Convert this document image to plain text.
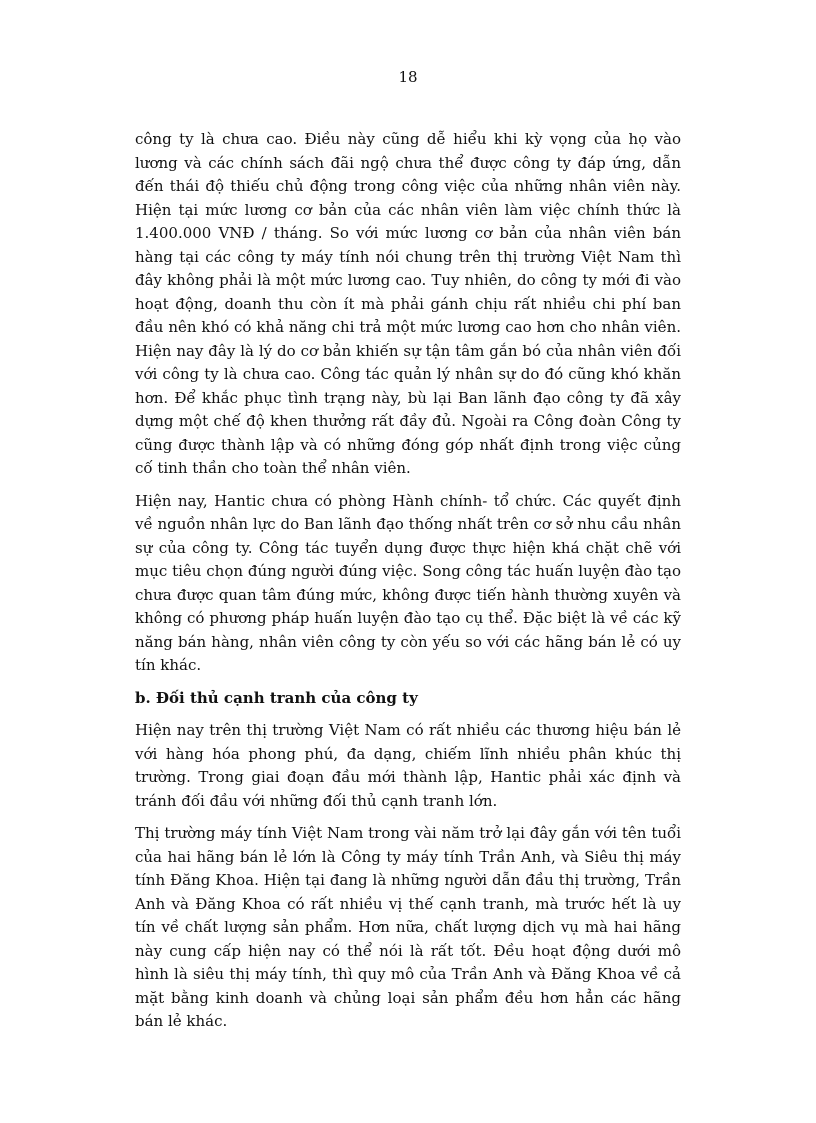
18

công ty là chưa cao. Điều này cũng dễ hiểu khi kỳ vọng của họ vào lương và các chính sách đãi ngộ chưa thể được công ty đáp ứng, dẫn đến thái độ thiếu chủ động trong công việc của những nhân viên này. Hiện tại mức lương cơ bản của các nhân viên làm việc chính thức là 1.400.000 VNĐ / tháng. So với mức lương cơ bản của nhân viên bán hàng tại các công ty máy tính nói chung trên thị trường Việt Nam thì đây không phải là một mức lương cao. Tuy nhiên, do công ty mới đi vào hoạt động, doanh thu còn ít mà phải gánh chịu rất nhiều chi phí ban đầu nên khó có khả năng chi trả một mức lương cao hơn cho nhân viên. Hiện nay đây là lý do cơ bản khiến sự tận tâm gắn bó của nhân viên đối với công ty là chưa cao. Công tác quản lý nhân sự do đó cũng khó khăn hơn. Để khắc phục tình trạng này, bù lại Ban lãnh đạo công ty đã xây dựng một chế độ khen thưởng rất đầy đủ. Ngoài ra Công đoàn Công ty cũng được thành lập và có những đóng góp nhất định trong việc củng cố tinh thần cho toàn thể nhân viên.

Hiện nay, Hantic chưa có phòng Hành chính- tổ chức. Các quyết định về nguồn nhân lực do Ban lãnh đạo thống nhất trên cơ sở nhu cầu nhân sự của công ty. Công tác tuyển dụng được thực hiện khá chặt chẽ với mục tiêu chọn đúng người đúng việc. Song công tác huấn luyện đào tạo chưa được quan tâm đúng mức, không được tiến hành thường xuyên và không có phương pháp huấn luyện đào tạo cụ thể. Đặc biệt là về các kỹ năng bán hàng, nhân viên công ty còn yếu so với các hãng bán lẻ có uy tín khác.

b. Đối thủ cạnh tranh của công ty

Hiện nay trên thị trường Việt Nam có rất nhiều các thương hiệu bán lẻ với hàng hóa phong phú, đa dạng, chiếm lĩnh nhiều phân khúc thị trường. Trong giai đoạn đầu mới thành lập, Hantic phải xác định và tránh đối đầu với những đối thủ cạnh tranh lớn.

Thị trường máy tính Việt Nam trong vài năm trở lại đây gắn với tên tuổi của hai hãng bán lẻ lớn là Công ty máy tính Trần Anh, và Siêu thị máy tính Đăng Khoa. Hiện tại đang là những người dẫn đầu thị trường, Trần Anh và Đăng Khoa có rất nhiều vị thế cạnh tranh, mà trước hết là uy tín về chất lượng sản phẩm. Hơn nữa, chất lượng dịch vụ mà hai hãng này cung cấp hiện nay có thể nói là rất tốt. Đều hoạt động dưới mô hình là siêu thị máy tính, thì quy mô của Trần Anh và Đăng Khoa về cả mặt bằng kinh doanh và chủng loại sản phẩm đều hơn hẳn các hãng bán lẻ khác.
